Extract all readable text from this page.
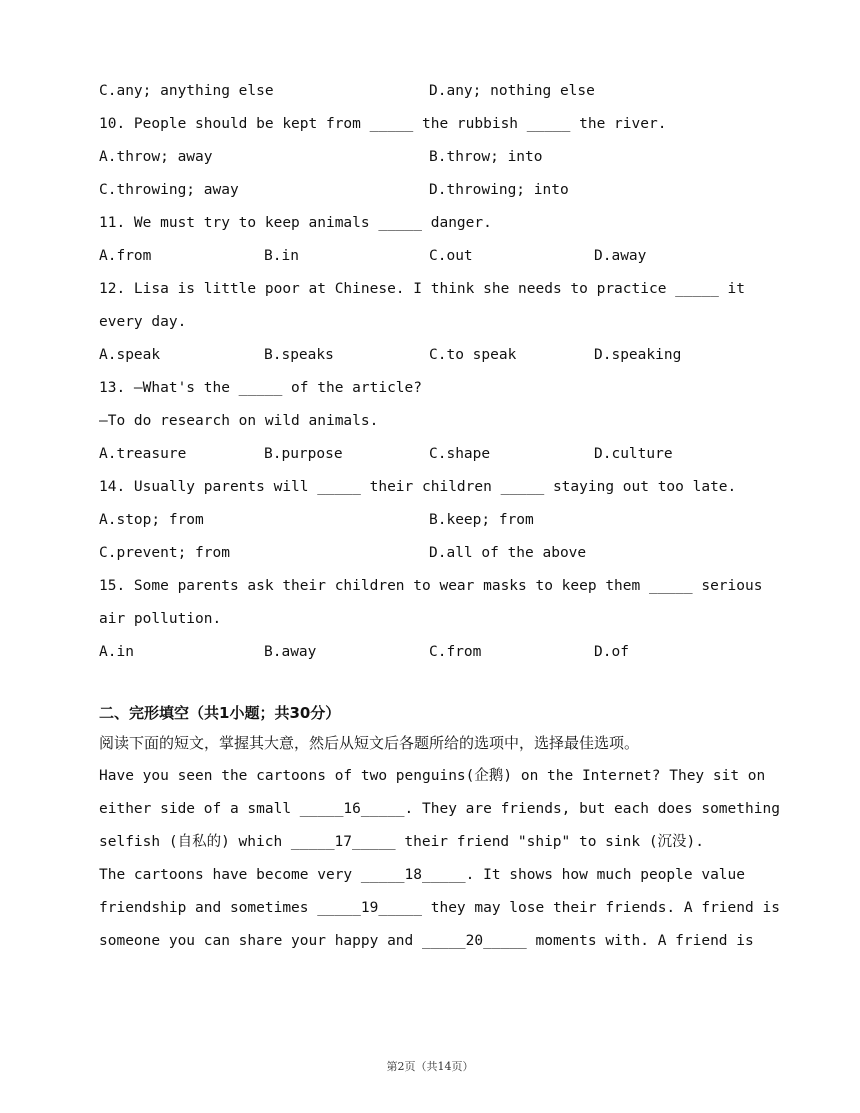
C.any; anything else	D.any; nothing else
10. People should be kept from _____ the rubbish _____ the river.
A.throw; away	B.throw; into
C.throwing; away	D.throwing; into
11. We must try to keep animals _____ danger.
A.from	B.in	C.out	D.away
12. Lisa is little poor at Chinese. I think she needs to practice _____ it
every day.
A.speak	B.speaks	C.to speak	D.speaking
13. —What's the _____ of the article?
—To do research on wild animals.
A.treasure	B.purpose	C.shape	D.culture
14. Usually parents will _____ their children _____ staying out too late.
A.stop; from	B.keep; from
C.prevent; from	D.all of the above
15. Some parents ask their children to wear masks to keep them _____ serious
air pollution.
A.in	B.away	C.from	D.of
二、完形填空（共1小题；共30分）
阅读下面的短文，掌握其大意，然后从短文后各题所给的选项中，选择最佳选项。
Have you seen the cartoons of two penguins(企鹅) on the Internet? They sit on
either side of a small _____16_____. They are friends, but each does something
selfish (自私的) which _____17_____ their friend "ship" to sink (沉没).
The cartoons have become very _____18_____. It shows how much people value
friendship and sometimes _____19_____ they may lose their friends. A friend is
someone you can share your happy and _____20_____ moments with. A friend is
第2页（共14页）
